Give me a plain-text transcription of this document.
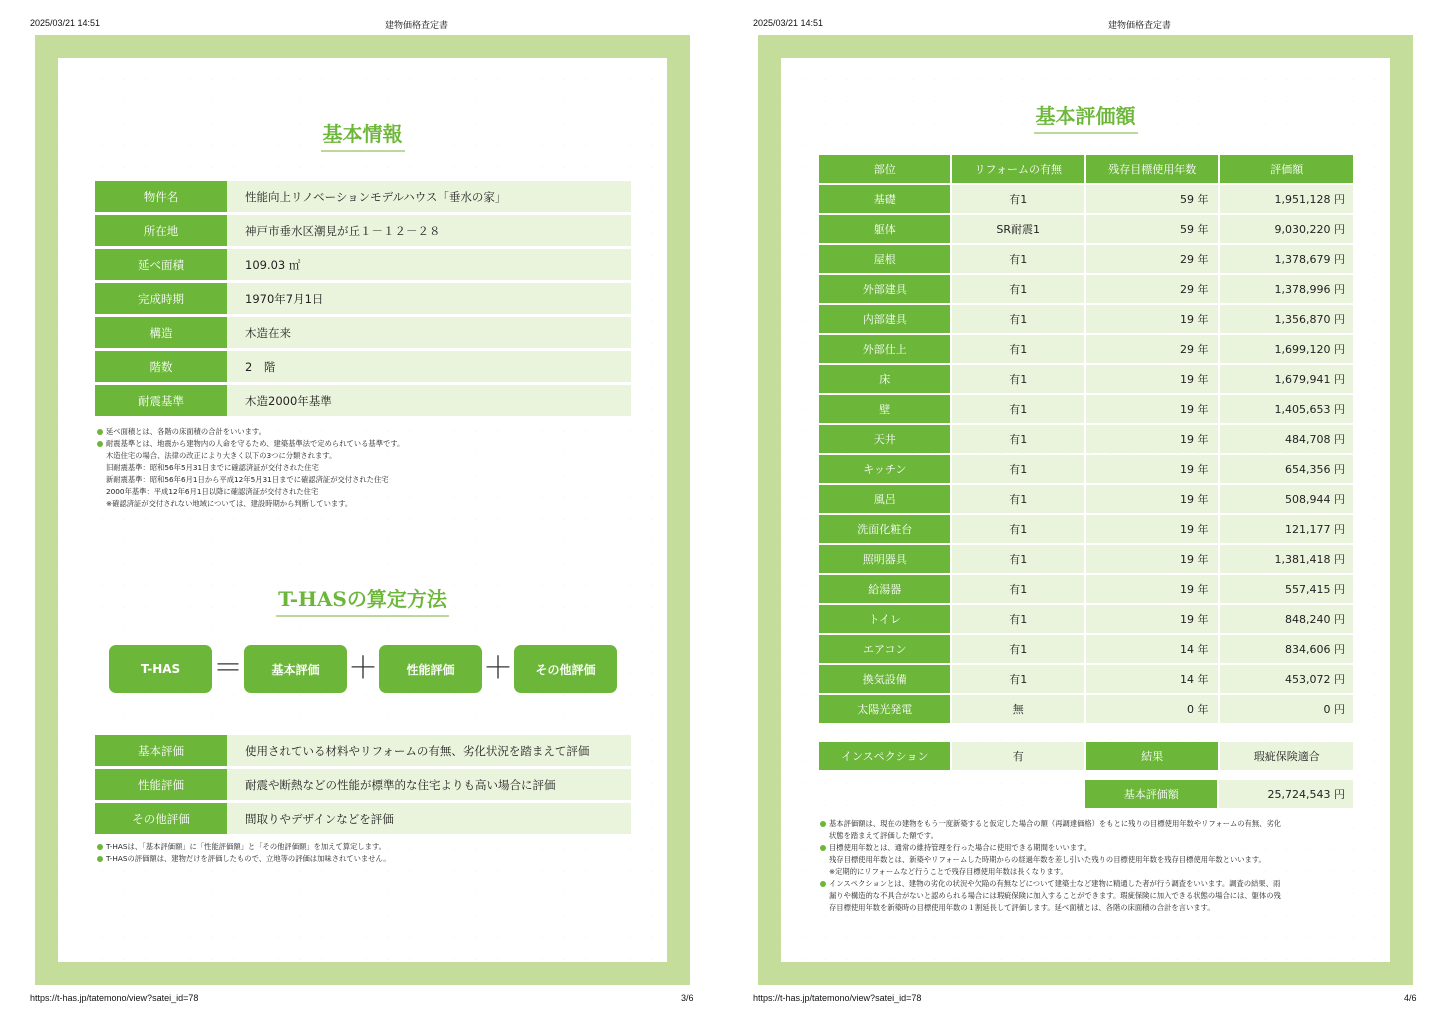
2025/03/21 14:51	建物価格査定書
基本情報
物件名	性能向上リノベーションモデルハウス「垂水の家」
所在地	神戸市垂水区潮見が丘１－１２－２８
延べ面積	109.03 ㎡
完成時期	1970年7月1日
構造	木造在来
階数	2　階
耐震基準	木造2000年基準
延べ面積とは、各階の床面積の合計をいいます。
耐震基準とは、地震から建物内の人命を守るため、建築基準法で定められている基準です。
木造住宅の場合、法律の改正により大きく以下の3つに分類されます。
旧耐震基準：昭和56年5月31日までに確認済証が交付された住宅
新耐震基準：昭和56年6月1日から平成12年5月31日までに確認済証が交付された住宅
2000年基準：平成12年6月1日以降に確認済証が交付された住宅
※確認済証が交付されない地域については、建設時期から判断しています。
T-HASの算定方法
T-HAS	＝	基本評価 ＋	性能評価 ＋	その他評価
基本評価	使用されている材料やリフォームの有無、劣化状況を踏まえて評価
性能評価	耐震や断熱などの性能が標準的な住宅よりも高い場合に評価
その他評価	間取りやデザインなどを評価
T-HASは、「基本評価額」に「性能評価額」と「その他評価額」を加えて算定します。
T-HASの評価額は、建物だけを評価したもので、立地等の評価は加味されていません。
https://t-has.jp/tatemono/view?satei_id=78	3/6
2025/03/21 14:51	建物価格査定書
基本評価額
部位	リフォームの有無	残存目標使用年数	評価額
基礎	有1	59 年	1,951,128 円
躯体	SR耐震1	59 年	9,030,220 円
屋根	有1	29 年	1,378,679 円
外部建具	有1	29 年	1,378,996 円
内部建具	有1	19 年	1,356,870 円
外部仕上	有1	29 年	1,699,120 円
床	有1	19 年	1,679,941 円
壁	有1	19 年	1,405,653 円
天井	有1	19 年	484,708 円
キッチン	有1	19 年	654,356 円
風呂	有1	19 年	508,944 円
洗面化粧台	有1	19 年	121,177 円
照明器具	有1	19 年	1,381,418 円
給湯器	有1	19 年	557,415 円
トイレ	有1	19 年	848,240 円
エアコン	有1	14 年	834,606 円
換気設備	有1	14 年	453,072 円
太陽光発電	無	0 年	0 円
インスペクション	有	結果	瑕疵保険適合
基本評価額	25,724,543 円
基本評価額は、現在の建物をもう一度新築すると仮定した場合の額（再調達価格）をもとに残りの目標使用年数やリフォームの有無、劣化
状態を踏まえて評価した額です。
目標使用年数とは、通常の維持管理を行った場合に使用できる期間をいいます。
残存目標使用年数とは、新築やリフォームした時期からの経過年数を差し引いた残りの目標使用年数を残存目標使用年数といいます。
※定期的にリフォームなど行うことで残存目標使用年数は長くなります。
インスペクションとは、建物の劣化の状況や欠陥の有無などについて建築士など建物に精通した者が行う調査をいいます。調査の結果、雨
漏りや構造的な不具合がないと認められる場合には瑕疵保険に加入することができます。瑕疵保険に加入できる状態の場合には、躯体の残
存目標使用年数を新築時の目標使用年数の１割延長して評価します。延べ面積とは、各階の床面積の合計を言います。
https://t-has.jp/tatemono/view?satei_id=78	4/6
